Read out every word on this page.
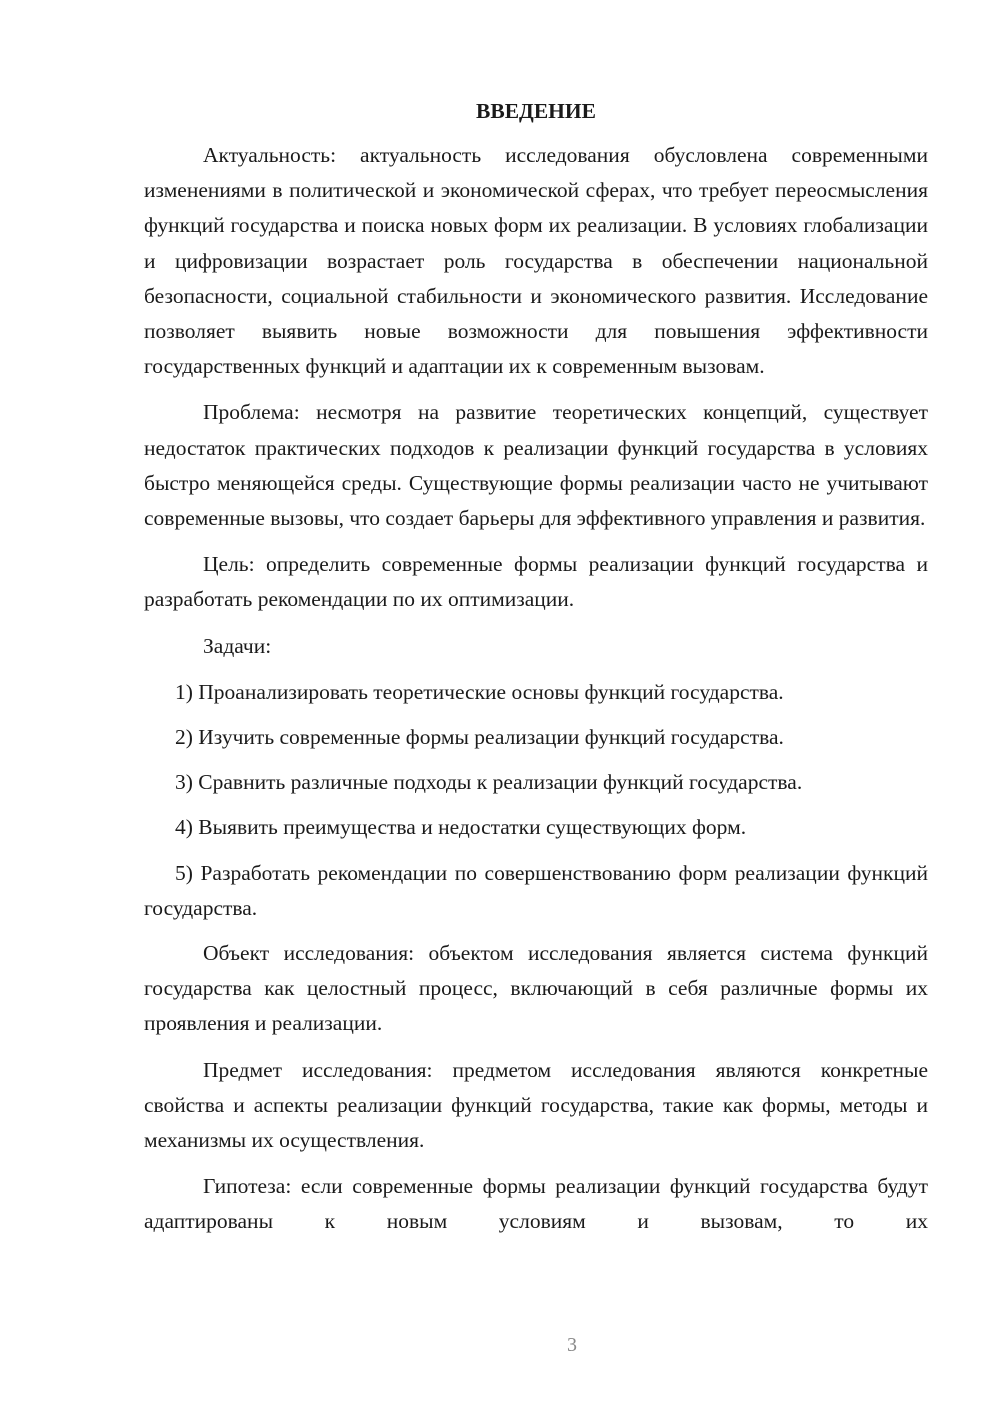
ВВЕДЕНИЕ

Актуальность: актуальность исследования обусловлена современными изменениями в политической и экономической сферах, что требует переосмысления функций государства и поиска новых форм их реализации. В условиях глобализации и цифровизации возрастает роль государства в обеспечении национальной безопасности, социальной стабильности и экономического развития. Исследование позволяет выявить новые возможности для повышения эффективности государственных функций и адаптации их к современным вызовам.

Проблема: несмотря на развитие теоретических концепций, существует недостаток практических подходов к реализации функций государства в условиях быстро меняющейся среды. Существующие формы реализации часто не учитывают современные вызовы, что создает барьеры для эффективного управления и развития.

Цель: определить современные формы реализации функций государства и разработать рекомендации по их оптимизации.

Задачи:

1) Проанализировать теоретические основы функций государства.

2) Изучить современные формы реализации функций государства.

3) Сравнить различные подходы к реализации функций государства.

4) Выявить преимущества и недостатки существующих форм.

5) Разработать рекомендации по совершенствованию форм реализации функций государства.

Объект исследования: объектом исследования является система функций государства как целостный процесс, включающий в себя различные формы их проявления и реализации.

Предмет исследования: предметом исследования являются конкретные свойства и аспекты реализации функций государства, такие как формы, методы и механизмы их осуществления.

Гипотеза: если современные формы реализации функций государства будут адаптированы к новым условиям и вызовам, то их

3
